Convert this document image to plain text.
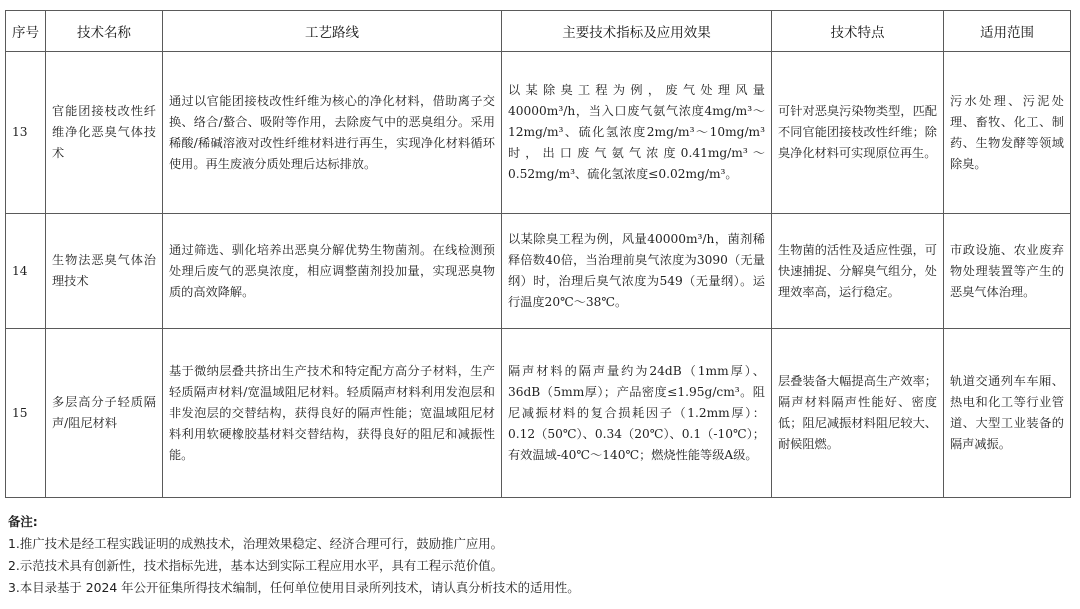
序号	技术名称	工艺路线	主要技术指标及应用效果	技术特点	适用范围
13	官能团接枝改性纤维净化恶臭气体技术	通过以官能团接枝改性纤维为核心的净化材料，借助离子交换、络合/螯合、吸附等作用，去除废气中的恶臭组分。采用稀酸/稀碱溶液对改性纤维材料进行再生，实现净化材料循环使用。再生废液分质处理后达标排放。	以某除臭工程为例，废气处理风量40000m³/h，当入口废气氨气浓度4mg/m³～12mg/m³、硫化氢浓度2mg/m³～10mg/m³时，出口废气氨气浓度0.41mg/m³～0.52mg/m³、硫化氢浓度≤0.02mg/m³。	可针对恶臭污染物类型，匹配不同官能团接枝改性纤维；除臭净化材料可实现原位再生。	污水处理、污泥处理、畜牧、化工、制药、生物发酵等领域除臭。
14	生物法恶臭气体治理技术	通过筛选、驯化培养出恶臭分解优势生物菌剂。在线检测预处理后废气的恶臭浓度，相应调整菌剂投加量，实现恶臭物质的高效降解。	以某除臭工程为例，风量40000m³/h，菌剂稀释倍数40倍，当治理前臭气浓度为3090（无量纲）时，治理后臭气浓度为549（无量纲）。运行温度20℃～38℃。	生物菌的活性及适应性强，可快速捕捉、分解臭气组分，处理效率高，运行稳定。	市政设施、农业废弃物处理装置等产生的恶臭气体治理。
15	多层高分子轻质隔声/阻尼材料	基于微纳层叠共挤出生产技术和特定配方高分子材料，生产轻质隔声材料/宽温域阻尼材料。轻质隔声材料利用发泡层和非发泡层的交替结构，获得良好的隔声性能；宽温域阻尼材料利用软硬橡胶基材料交替结构，获得良好的阻尼和减振性能。	隔声材料的隔声量约为24dB（1mm厚）、36dB（5mm厚）；产品密度≤1.95g/cm³。阻尼减振材料的复合损耗因子（1.2mm厚）：0.12（50℃）、0.34（20℃）、0.1（-10℃）；有效温域-40℃～140℃；燃烧性能等级A级。	层叠装备大幅提高生产效率；隔声材料隔声性能好、密度低；阻尼减振材料阻尼较大、耐候阻燃。	轨道交通列车车厢、热电和化工等行业管道、大型工业装备的隔声减振。
备注:
1.推广技术是经工程实践证明的成熟技术，治理效果稳定、经济合理可行，鼓励推广应用。
2.示范技术具有创新性，技术指标先进，基本达到实际工程应用水平，具有工程示范价值。
3.本目录基于 2024 年公开征集所得技术编制，任何单位使用目录所列技术，请认真分析技术的适用性。
